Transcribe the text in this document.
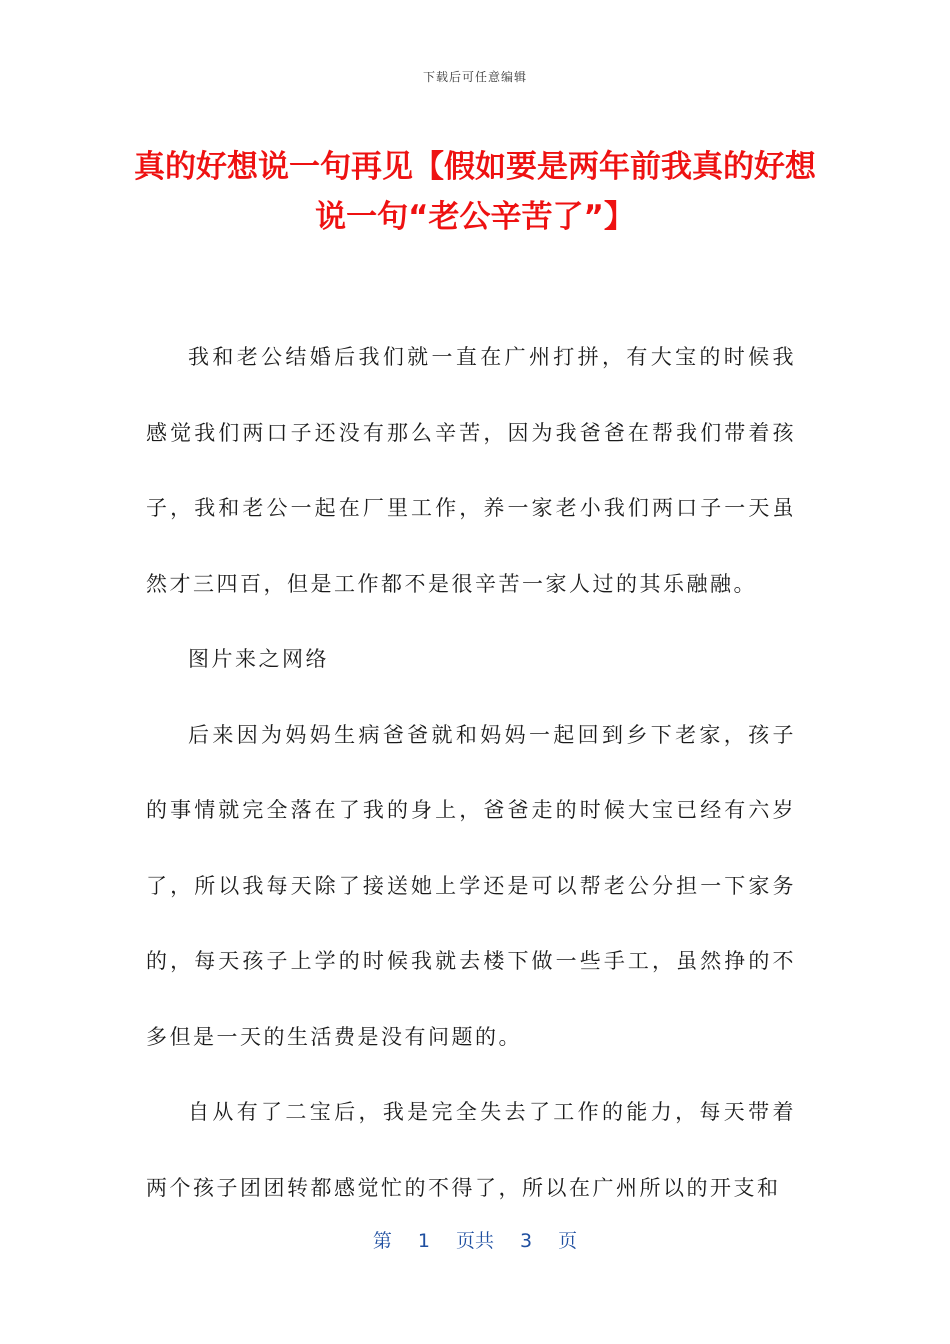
下载后可任意编辑
真的好想说一句再见【假如要是两年前我真的好想说一句“老公辛苦了”】

我和老公结婚后我们就一直在广州打拼，有大宝的时候我感觉我们两口子还没有那么辛苦，因为我爸爸在帮我们带着孩子，我和老公一起在厂里工作，养一家老小我们两口子一天虽然才三四百，但是工作都不是很辛苦一家人过的其乐融融。

图片来之网络

后来因为妈妈生病爸爸就和妈妈一起回到乡下老家，孩子的事情就完全落在了我的身上，爸爸走的时候大宝已经有六岁了，所以我每天除了接送她上学还是可以帮老公分担一下家务的，每天孩子上学的时候我就去楼下做一些手工，虽然挣的不多但是一天的生活费是没有问题的。

自从有了二宝后，我是完全失去了工作的能力，每天带着两个孩子团团转都感觉忙的不得了，所以在广州所以的开支和

第 1 页共 3 页
